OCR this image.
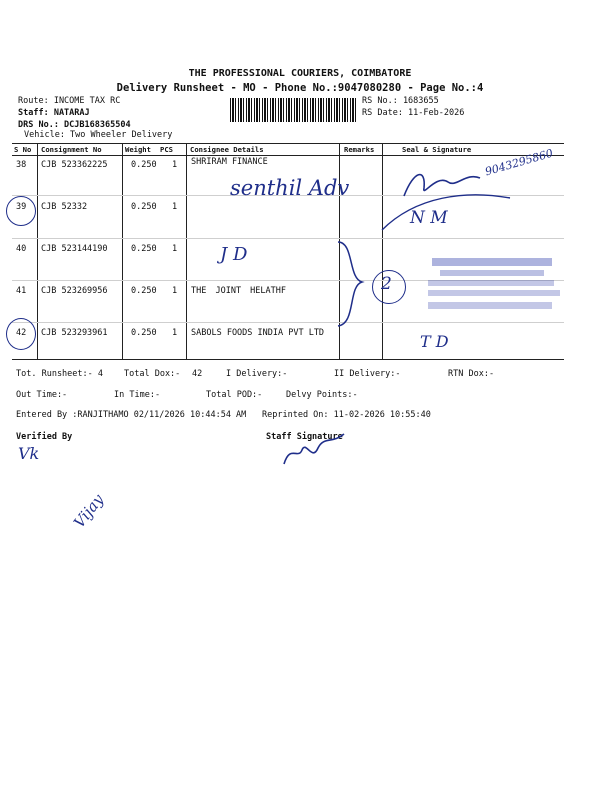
THE PROFESSIONAL COURIERS, COIMBATORE
Delivery Runsheet - MO - Phone No.:9047080280 - Page No.:4
Route: INCOME TAX RC
Staff: NATARAJ
DRS No.: DCJB168365504
Vehicle: Two Wheeler Delivery
RS No.: 1683655
RS Date: 11-Feb-2026
S No Consignment No	Weight PCS Consignee Details	Remarks	Seal & Signature
38 CJB 523362225	0.250 1 SHRIRAM FINANCE
39 CJB 52332	0.250 1
40 CJB 523144190	0.250 1
41 CJB 523269956	0.250 1 THE JOINT HELATHF
42 CJB 523293961	0.250 1 SABOLS FOODS INDIA PVT LTD
senthil Adv
9043295860
N M
J D
2
T D
Tot. Runsheet:- 4 Total Dox:- 42	I Delivery:-	II Delivery:-	RTN Dox:-
Out Time:-	In Time:-	Total POD:-	Delvy Points:-
Entered By :RANJITHAMO 02/11/2026 10:44:54 AM Reprinted On: 11-02-2026 10:55:40
Verified By	Staff Signature
Vk
Vijay
